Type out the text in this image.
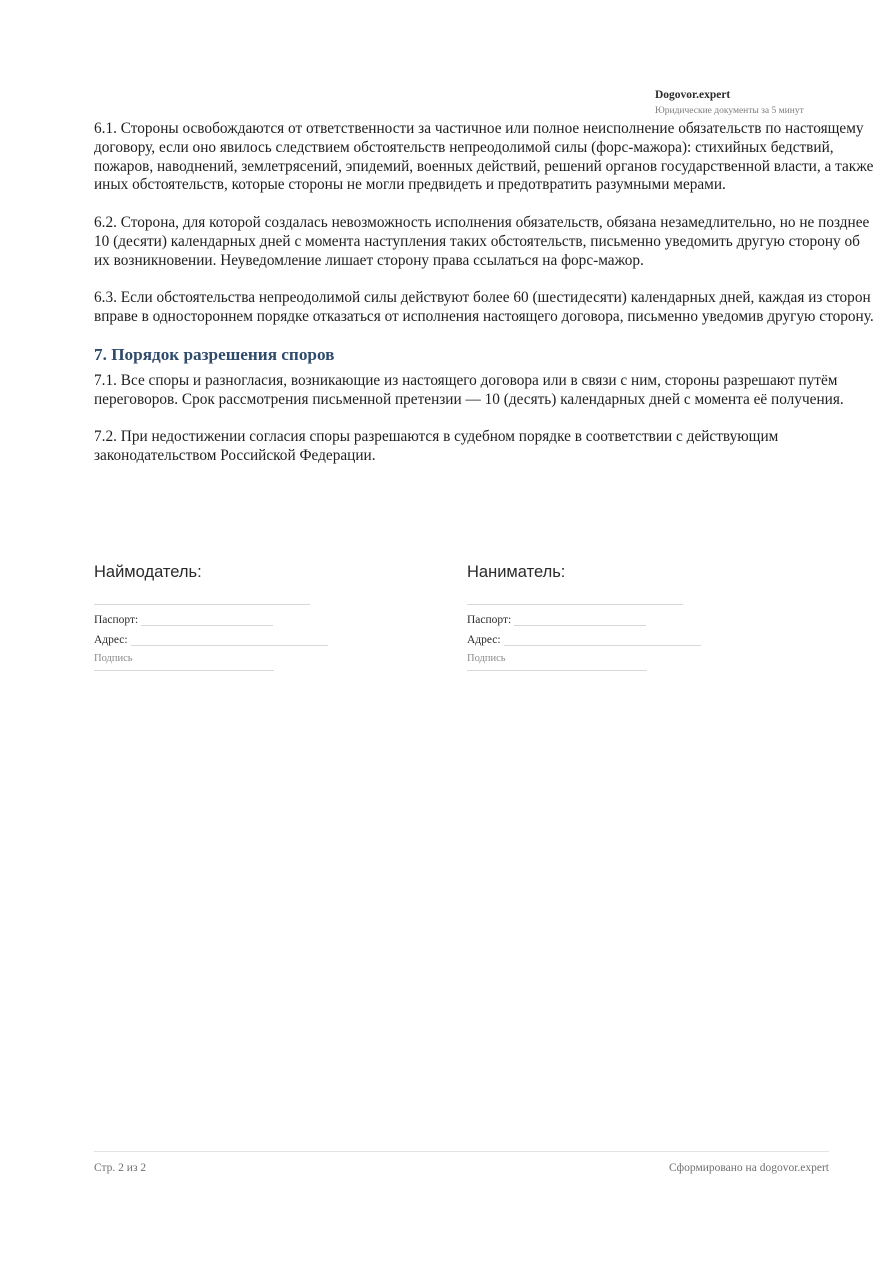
Dogovor.expert
Юридические документы за 5 минут

6.1. Стороны освобождаются от ответственности за частичное или полное неисполнение обязательств по настоящему договору, если оно явилось следствием обстоятельств непреодолимой силы (форс-мажора): стихийных бедствий, пожаров, наводнений, землетрясений, эпидемий, военных действий, решений органов государственной власти, а также иных обстоятельств, которые стороны не могли предвидеть и предотвратить разумными мерами.

6.2. Сторона, для которой создалась невозможность исполнения обязательств, обязана незамедлительно, но не позднее 10 (десяти) календарных дней с момента наступления таких обстоятельств, письменно уведомить другую сторону об их возникновении. Неуведомление лишает сторону права ссылаться на форс-мажор.

6.3. Если обстоятельства непреодолимой силы действуют более 60 (шестидесяти) календарных дней, каждая из сторон вправе в одностороннем порядке отказаться от исполнения настоящего договора, письменно уведомив другую сторону.

7. Порядок разрешения споров

7.1. Все споры и разногласия, возникающие из настоящего договора или в связи с ним, стороны разрешают путём переговоров. Срок рассмотрения письменной претензии — 10 (десять) календарных дней с момента её получения.

7.2. При недостижении согласия споры разрешаются в судебном порядке в соответствии с действующим законодательством Российской Федерации.

Наймодатель:
Паспорт:
Адрес:
Подпись
Наниматель:
Паспорт:
Адрес:
Подпись
Стр. 2 из 2	Сформировано на dogovor.expert
